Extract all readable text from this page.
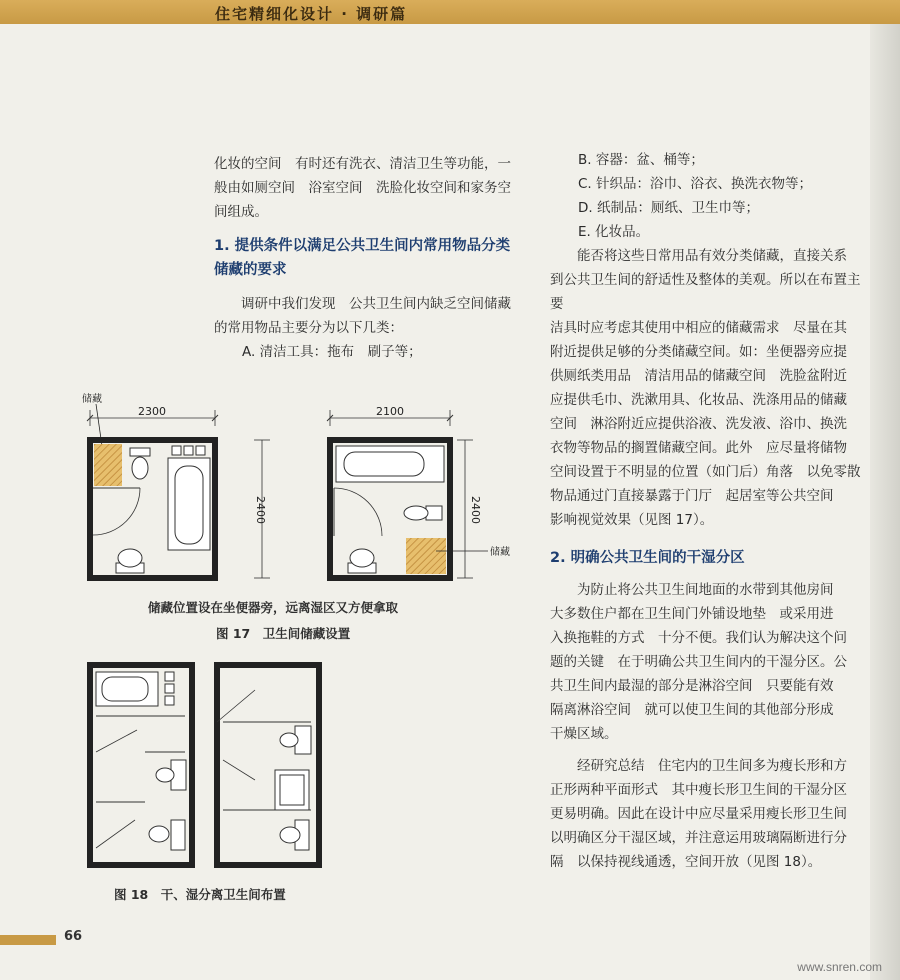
住宅精细化设计 · 调研篇

化妆的空间　有时还有洗衣、清洁卫生等功能，一

般由如厕空间　浴室空间　洗脸化妆空间和家务空

间组成。

1. 提供条件以满足公共卫生间内常用物品分类

储藏的要求

调研中我们发现　公共卫生间内缺乏空间储藏

的常用物品主要分为以下几类：

A. 清洁工具：拖布　刷子等；

B. 容器：盆、桶等；

C. 针织品：浴巾、浴衣、换洗衣物等；

D. 纸制品：厕纸、卫生巾等；

E. 化妆品。

能否将这些日常用品有效分类储藏，直接关系

到公共卫生间的舒适性及整体的美观。所以在布置主要

洁具时应考虑其使用中相应的储藏需求　尽量在其

附近提供足够的分类储藏空间。如：坐便器旁应提

供厕纸类用品　清洁用品的储藏空间　洗脸盆附近

应提供毛巾、洗漱用具、化妆品、洗涤用品的储藏

空间　淋浴附近应提供浴液、洗发液、浴巾、换洗

衣物等物品的搁置储藏空间。此外　应尽量将储物

空间设置于不明显的位置（如门后）角落　以免零散

物品通过门直接暴露于门厅　起居室等公共空间

影响视觉效果（见图 17）。

2. 明确公共卫生间的干湿分区

为防止将公共卫生间地面的水带到其他房间

大多数住户都在卫生间门外铺设地垫　或采用进

入换拖鞋的方式　十分不便。我们认为解决这个问

题的关键　在于明确公共卫生间内的干湿分区。公

共卫生间内最湿的部分是淋浴空间　只要能有效

隔离淋浴空间　就可以使卫生间的其他部分形成

干燥区域。

经研究总结　住宅内的卫生间多为瘦长形和方

正形两种平面形式　其中瘦长形卫生间的干湿分区

更易明确。因此在设计中应尽量采用瘦长形卫生间

以明确区分干湿区域，并注意运用玻璃隔断进行分

隔　以保持视线通透，空间开放（见图 18）。

2300
储藏
2400
2100
储藏
2400
储藏位置设在坐便器旁，远离湿区又方便拿取
图 17　卫生间储藏设置
图 18　干、湿分离卫生间布置
66
www.snren.com
